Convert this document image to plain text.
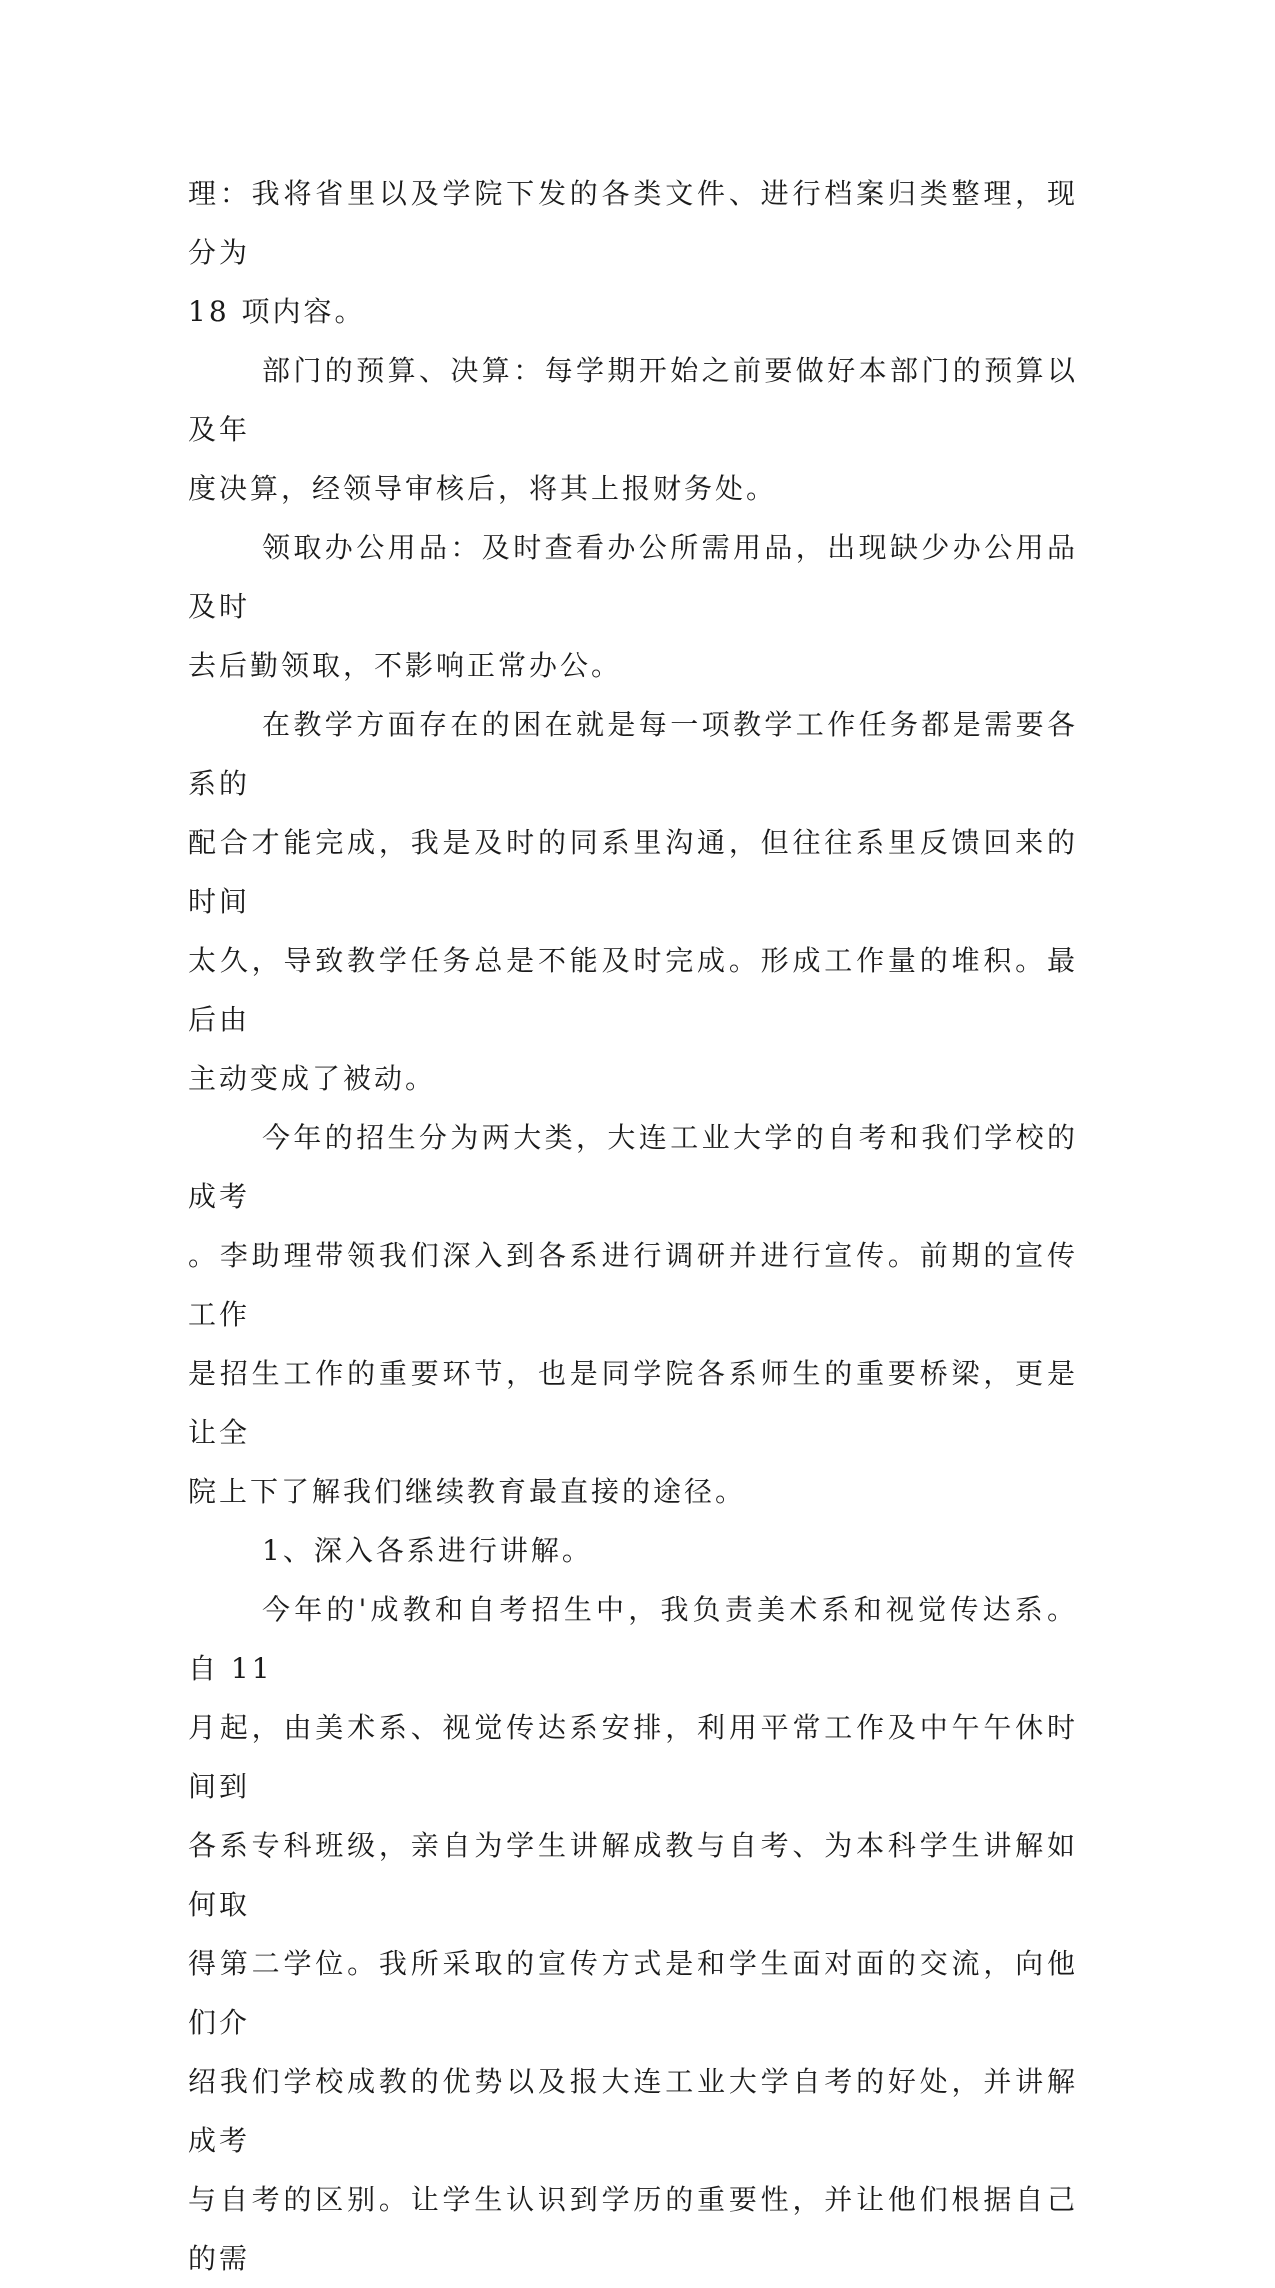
理：我将省里以及学院下发的各类文件、进行档案归类整理，现分为
18 项内容。
部门的预算、决算：每学期开始之前要做好本部门的预算以及年
度决算，经领导审核后，将其上报财务处。
领取办公用品：及时查看办公所需用品，出现缺少办公用品及时
去后勤领取，不影响正常办公。
在教学方面存在的困在就是每一项教学工作任务都是需要各系的
配合才能完成，我是及时的同系里沟通，但往往系里反馈回来的时间
太久，导致教学任务总是不能及时完成。形成工作量的堆积。最后由
主动变成了被动。
今年的招生分为两大类，大连工业大学的自考和我们学校的成考
。李助理带领我们深入到各系进行调研并进行宣传。前期的宣传工作
是招生工作的重要环节，也是同学院各系师生的重要桥梁，更是让全
院上下了解我们继续教育最直接的途径。
1、深入各系进行讲解。
今年的'成教和自考招生中，我负责美术系和视觉传达系。自 11
月起，由美术系、视觉传达系安排，利用平常工作及中午午休时间到
各系专科班级，亲自为学生讲解成教与自考、为本科学生讲解如何取
得第二学位。我所采取的宣传方式是和学生面对面的交流，向他们介
绍我们学校成教的优势以及报大连工业大学自考的好处，并讲解成考
与自考的区别。让学生认识到学历的重要性，并让他们根据自己的需
